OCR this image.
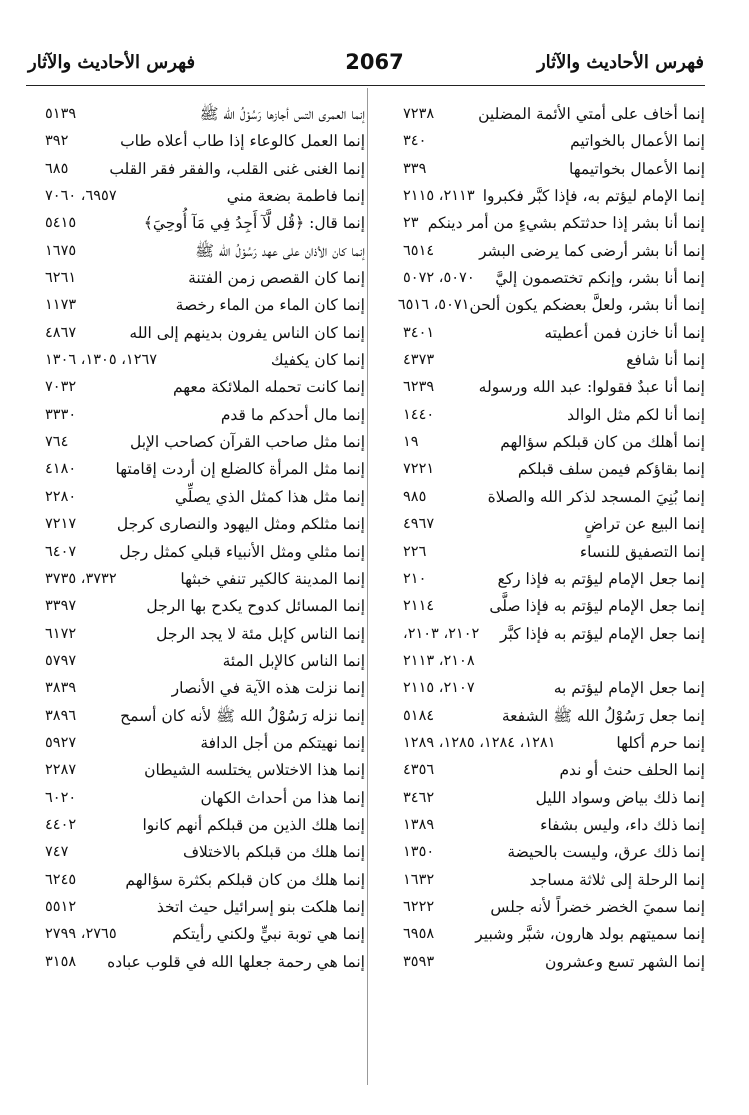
فهرس الأحاديث والآثار
2067
فهرس الأحاديث والآثار
إنما أخاف على أمتي الأئمة المضلين
٧٢٣٨
إنما الأعمال بالخواتيم
٣٤٠
إنما الأعمال بخواتيمها
٣٣٩
إنما الإمام ليؤتم به، فإذا كبَّر فكبروا
٢١١٣، ٢١١٥
إنما أنا بشر إذا حدثتكم بشيءٍ من أمر دينكم
٢٣
إنما أنا بشر أرضى كما يرضى البشر
٦٥١٤
إنما أنا بشر، وإنكم تختصمون إليَّ
٥٠٧٠، ٥٠٧٢
إنما أنا بشر، ولعلَّ بعضكم يكون ألحن
٥٠٧١، ٦٥١٦
إنما أنا خازن فمن أعطيته
٣٤٠١
إنما أنا شافع
٤٣٧٣
إنما أنا عبدٌ فقولوا: عبد الله ورسوله
٦٢٣٩
إنما أنا لكم مثل الوالد
١٤٤٠
إنما أهلك من كان قبلكم سؤالهم
١٩
إنما بقاؤكم فيمن سلف قبلكم
٧٢٢١
إنما بُنِيَ المسجد لذكر الله والصلاة
٩٨٥
إنما البيع عن تراضٍ
٤٩٦٧
إنما التصفيق للنساء
٢٢٦
إنما جعل الإمام ليؤتم به فإذا ركع
٢١٠
إنما جعل الإمام ليؤتم به فإذا صلَّى
٢١١٤
إنما جعل الإمام ليؤتم به فإذا كبَّر
٢١٠٢، ٢١٠٣،
٢١٠٨، ٢١١٣
إنما جعل الإمام ليؤتم به
٢١٠٧، ٢١١٥
إنما جعل رَسُوْلُ الله ﷺ الشفعة
٥١٨٤
إنما حرم أكلها
١٢٨١، ١٢٨٤، ١٢٨٥، ١٢٨٩
إنما الحلف حنث أو ندم
٤٣٥٦
إنما ذلك بياض وسواد الليل
٣٤٦٢
إنما ذلك داء، وليس بشفاء
١٣٨٩
إنما ذلك عرق، وليست بالحيضة
١٣٥٠
إنما الرحلة إلى ثلاثة مساجد
١٦٣٢
إنما سميَ الخضر خضراً لأنه جلس
٦٢٢٢
إنما سميتهم بولد هارون، شبَّر وشبير
٦٩٥٨
إنما الشهر تسع وعشرون
٣٥٩٣
إنما العمرى التس أجازها رَسُوْلُ الله ﷺ
٥١٣٩
إنما العمل كالوعاء إذا طاب أعلاه طاب
٣٩٢
إنما الغنى غنى القلب، والفقر فقر القلب
٦٨٥
إنما فاطمة بضعة مني
٦٩٥٧، ٧٠٦٠
إنما قال: ﴿قُل لَّآ أَجِدُ فِي مَآ أُوحِيَ﴾
٥٤١٥
إنما كان الأذان على عهد رَسُوْلُ الله ﷺ
١٦٧٥
إنما كان القصص زمن الفتنة
٦٢٦١
إنما كان الماء من الماء رخصة
١١٧٣
إنما كان الناس يفرون بدينهم إلى الله
٤٨٦٧
إنما كان يكفيك
١٢٦٧، ١٣٠٥، ١٣٠٦
إنما كانت تحمله الملائكة معهم
٧٠٣٢
إنما مال أحدكم ما قدم
٣٣٣٠
إنما مثل صاحب القرآن كصاحب الإبل
٧٦٤
إنما مثل المرأة كالضلع إن أردت إقامتها
٤١٨٠
إنما مثل هذا كمثل الذي يصلِّي
٢٢٨٠
إنما مثلكم ومثل اليهود والنصارى كرجل
٧٢١٧
إنما مثلي ومثل الأنبياء قبلي كمثل رجل
٦٤٠٧
إنما المدينة كالكير تنفي خبثها
٣٧٣٢، ٣٧٣٥
إنما المسائل كدوح يكدح بها الرجل
٣٣٩٧
إنما الناس كإبل مئة لا يجد الرجل
٦١٧٢
إنما الناس كالإبل المئة
٥٧٩٧
إنما نزلت هذه الآية في الأنصار
٣٨٣٩
إنما نزله رَسُوْلُ الله ﷺ لأنه كان أسمح
٣٨٩٦
إنما نهيتكم من أجل الدافة
٥٩٢٧
إنما هذا الاختلاس يختلسه الشيطان
٢٢٨٧
إنما هذا من أحداث الكهان
٦٠٢٠
إنما هلك الذين من قبلكم أنهم كانوا
٤٤٠٢
إنما هلك من قبلكم بالاختلاف
٧٤٧
إنما هلك من كان قبلكم بكثرة سؤالهم
٦٢٤٥
إنما هلكت بنو إسرائيل حيث اتخذ
٥٥١٢
إنما هي توبة نبيٍّ ولكني رأيتكم
٢٧٦٥، ٢٧٩٩
إنما هي رحمة جعلها الله في قلوب عباده
٣١٥٨
